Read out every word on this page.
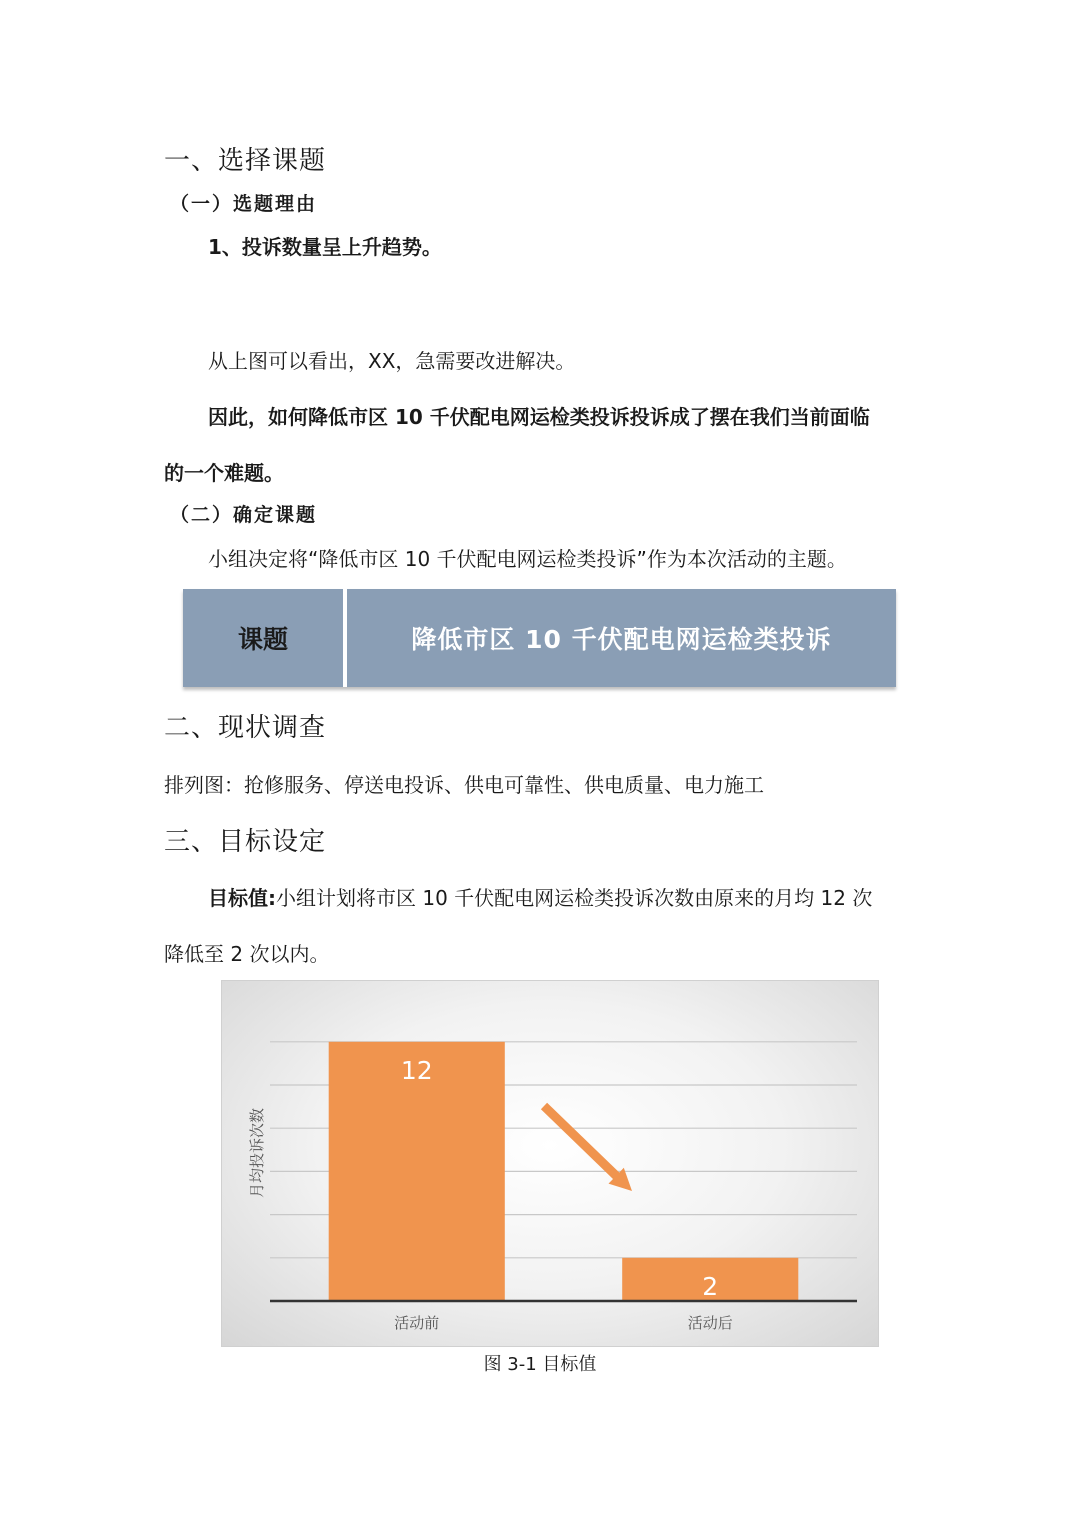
一、选择课题
（一）选题理由
1、投诉数量呈上升趋势。
从上图可以看出，XX，急需要改进解决。
因此，如何降低市区 10 千伏配电网运检类投诉投诉成了摆在我们当前面临
的一个难题。
（二）确定课题
小组决定将“降低市区 10 千伏配电网运检类投诉”作为本次活动的主题。
课题	降低市区 10 千伏配电网运检类投诉
二、现状调查
排列图：抢修服务、停送电投诉、供电可靠性、供电质量、电力施工
三、目标设定
目标值:小组计划将市区 10 千伏配电网运检类投诉次数由原来的月均 12 次
降低至 2 次以内。
12
活动前
2
活动后
月均投诉次数
图 3-1 目标值
